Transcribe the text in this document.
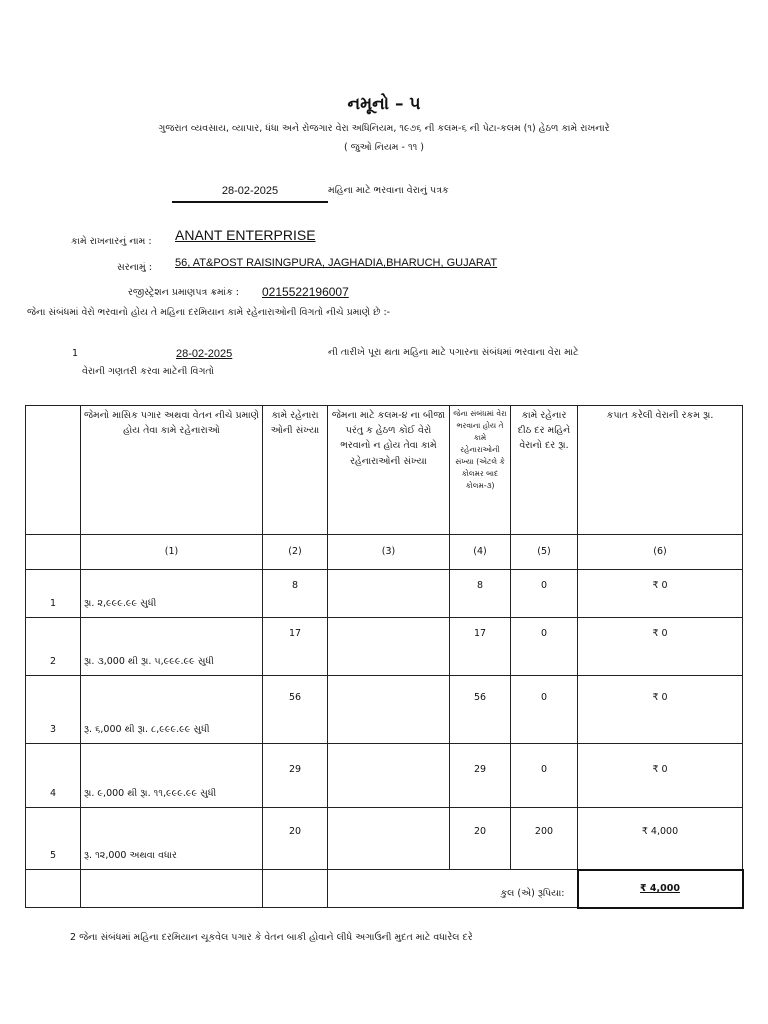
નમૂનો – ૫
ગુજરાત વ્યવસાય, વ્યાપાર, ધંધા અને રોજગાર વેરા અધિનિયમ, ૧૯૭૬ ની કલમ-૬ ની પેટા-કલમ (૧) હેઠળ કામે રાખનારે
( જુઓ નિયમ - ૧૧ )
28-02-2025	મહિના માટે ભરવાના વેરાનું પત્રક
કામે રાખનારનું નામ : ANANT ENTERPRISE
સરનામું : 56, AT&POST RAISINGPURA, JAGHADIA,BHARUCH, GUJARAT
રજીસ્ટ્રેશન પ્રમાણપત્ર ક્રમાંક : 0215522196007
જેના સંબંધમાં વેરો ભરવાનો હોય તે મહિના દરમિયાન કામે રહેનારાઓની વિગતો નીચે પ્રમાણે છે :-
1	28-02-2025	ની તારીખે પૂરા થતા મહિના માટે પગારના સંબંધમાં ભરવાના વેરા માટે
વેરાની ગણતરી કરવા માટેની વિગતો
	જેમનો માસિક પગાર અથવા વેતન નીચે પ્રમાણે હોય તેવા કામે રહેનારાઓ	કામે રહેનારા ઓની સંખ્યા	જેમના માટે કલમ-૪ ના બીજા પરંતુ ક હેઠળ કોઈ વેરો ભરવાનો ન હોય તેવા કામે રહેનારાઓની સંખ્યા	જેના સંબંધમાં વેરા ભરવાના હોય તે કામે રહેનારાઓની સંખ્યા (એટલે કે કોલમર બાદ કોલમ-૩)	કામે રહેનાર દીઠ દર મહિને વેરાનો દર રૂા.	કપાત કરેલી વેરાની રકમ રૂા.
	(1)	(2)	(3)	(4)	(5)	(6)
1	રૂા. ૨,૯૯૯.૯૯ સુધી	8		8	0	₹ 0
2	રૂા. ૩,000 થી રૂા. ૫,૯૯૯.૯૯ સુધી	17		17	0	₹ 0
3	રૂ. ૬,000 થી રૂા. ૮,૯૯૯.૯૯ સુધી	56		56	0	₹ 0
4	રૂા. ૯,000 થી રૂા. ૧૧,૯૯૯.૯૯ સુધી	29		29	0	₹ 0
5	રૂ. ૧૨,000 અથવા વધાર	20		20	200	₹ 4,000
			કુલ (એ) રૂપિયા:			₹ 4,000
2 જેના સંબંધમાં મહિના દરમિયાન ચૂકવેલ પગાર કે વેતન બાકી હોવાને લીધે અગાઉની મુદત માટે વધારેલ દરે
